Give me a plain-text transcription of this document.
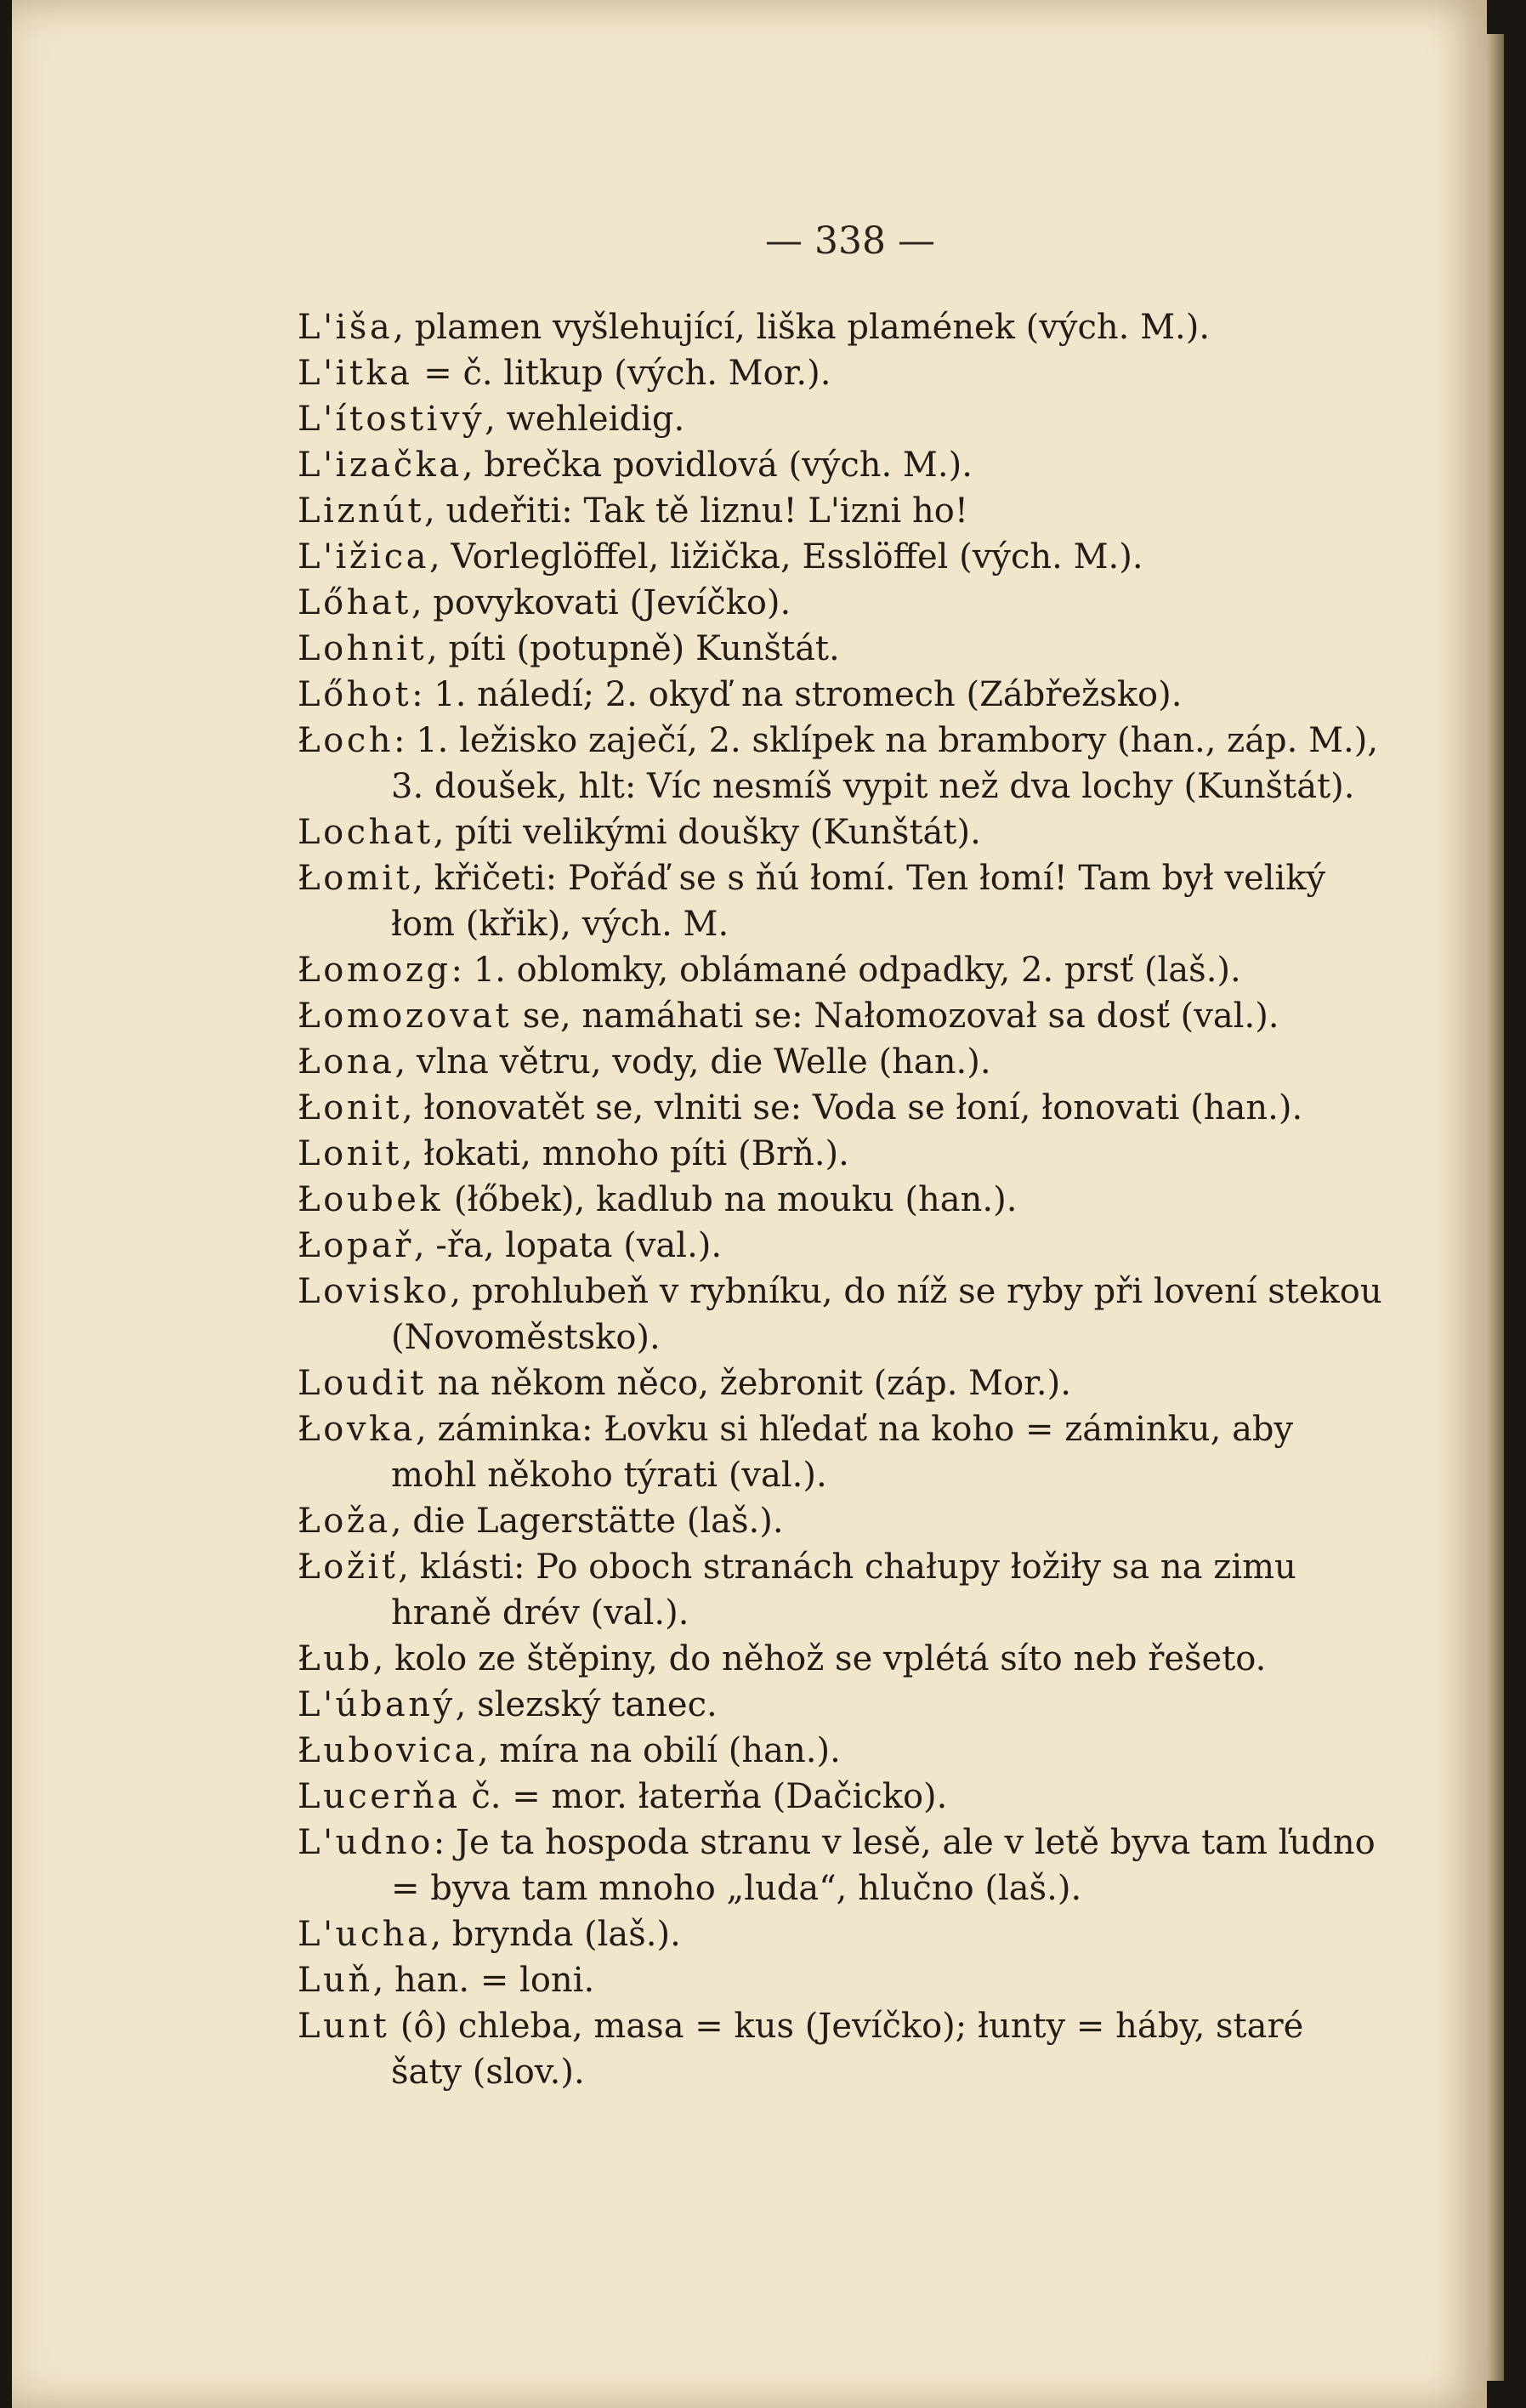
— 338 —

L'iša, plamen vyšlehující, liška plamének (vých. M.).

L'itka = č. litkup (vých. Mor.).

L'ítostivý, wehleidig.

L'izačka, brečka povidlová (vých. M.).

Liznút, udeřiti: Tak tě liznu! L'izni ho!

L'ižica, Vorleglöffel, ližička, Esslöffel (vých. M.).

Lőhat, povykovati (Jevíčko).

Lohnit, píti (potupně) Kunštát.

Lőhot: 1. náledí; 2. okyď na stromech (Zábřežsko).

Łoch: 1. ležisko zaječí, 2. sklípek na brambory (han., záp. M.),
3. doušek, hlt: Víc nesmíš vypit než dva lochy (Kunštát).

Lochat, píti velikými doušky (Kunštát).

Łomit, křičeti: Pořáď se s ňú łomí. Ten łomí! Tam był veliký
łom (křik), vých. M.

Łomozg: 1. oblomky, oblámané odpadky, 2. prsť (laš.).

Łomozovat se, namáhati se: Nałomozovał sa dosť (val.).

Łona, vlna větru, vody, die Welle (han.).

Łonit, łonovatět se, vlniti se: Voda se łoní, łonovati (han.).

Lonit, łokati, mnoho píti (Brň.).

Łoubek (łőbek), kadlub na mouku (han.).

Łopař, -řa, lopata (val.).

Lovisko, prohlubeň v rybníku, do níž se ryby při lovení stekou
(Novoměstsko).

Loudit na někom něco, žebronit (záp. Mor.).

Łovka, záminka: Łovku si hľedať na koho = záminku, aby
mohl někoho týrati (val.).

Łoža, die Lagerstätte (laš.).

Łožiť, klásti: Po oboch stranách chałupy łožiły sa na zimu
hraně drév (val.).

Łub, kolo ze štěpiny, do něhož se vplétá síto neb řešeto.

L'úbaný, slezský tanec.

Łubovica, míra na obilí (han.).

Lucerňa č. = mor. łaterňa (Dačicko).

L'udno: Je ta hospoda stranu v lesě, ale v letě byva tam ľudno
= byva tam mnoho „luda“, hlučno (laš.).

L'ucha, brynda (laš.).

Luň, han. = loni.

Lunt (ô) chleba, masa = kus (Jevíčko); łunty = háby, staré
šaty (slov.).
